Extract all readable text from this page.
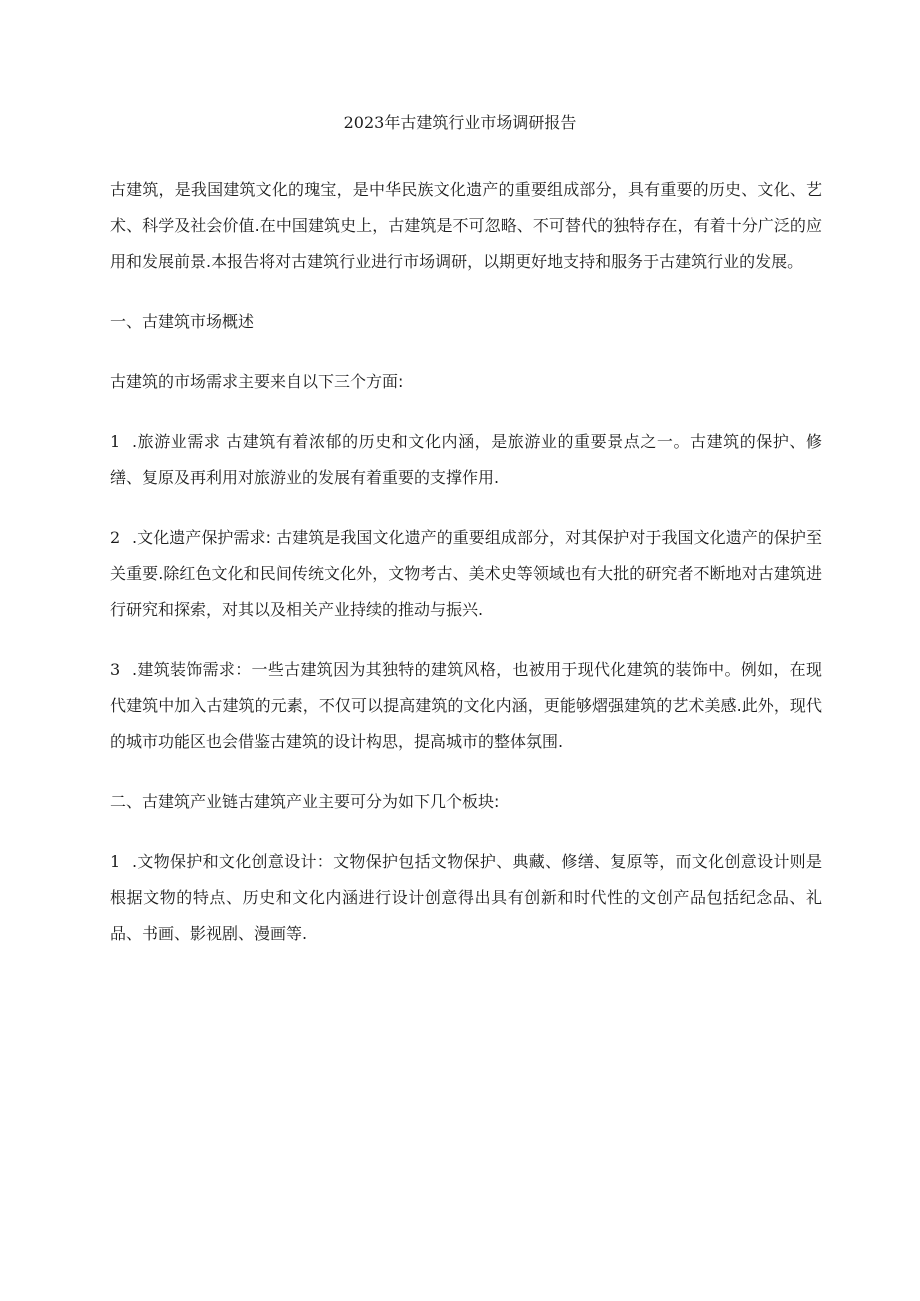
2023年古建筑行业市场调研报告

古建筑，是我国建筑文化的瑰宝，是中华民族文化遗产的重要组成部分，具有重要的历史、文化、艺术、科学及社会价值.在中国建筑史上，古建筑是不可忽略、不可替代的独特存在，有着十分广泛的应用和发展前景.本报告将对古建筑行业进行市场调研，以期更好地支持和服务于古建筑行业的发展。

一、古建筑市场概述

古建筑的市场需求主要来自以下三个方面:

1 .旅游业需求 古建筑有着浓郁的历史和文化内涵，是旅游业的重要景点之一。古建筑的保护、修缮、复原及再利用对旅游业的发展有着重要的支撑作用.

2 .文化遗产保护需求: 古建筑是我国文化遗产的重要组成部分，对其保护对于我国文化遗产的保护至关重要.除红色文化和民间传统文化外，文物考古、美术史等领域也有大批的研究者不断地对古建筑进行研究和探索，对其以及相关产业持续的推动与振兴.

3 .建筑装饰需求：一些古建筑因为其独特的建筑风格，也被用于现代化建筑的装饰中。例如，在现代建筑中加入古建筑的元素，不仅可以提高建筑的文化内涵，更能够熠强建筑的艺术美感.此外，现代的城市功能区也会借鉴古建筑的设计构思，提高城市的整体氛围.

二、古建筑产业链古建筑产业主要可分为如下几个板块:

1 .文物保护和文化创意设计：文物保护包括文物保护、典藏、修缮、复原等，而文化创意设计则是根据文物的特点、历史和文化内涵进行设计创意得出具有创新和时代性的文创产品包括纪念品、礼品、书画、影视剧、漫画等.
